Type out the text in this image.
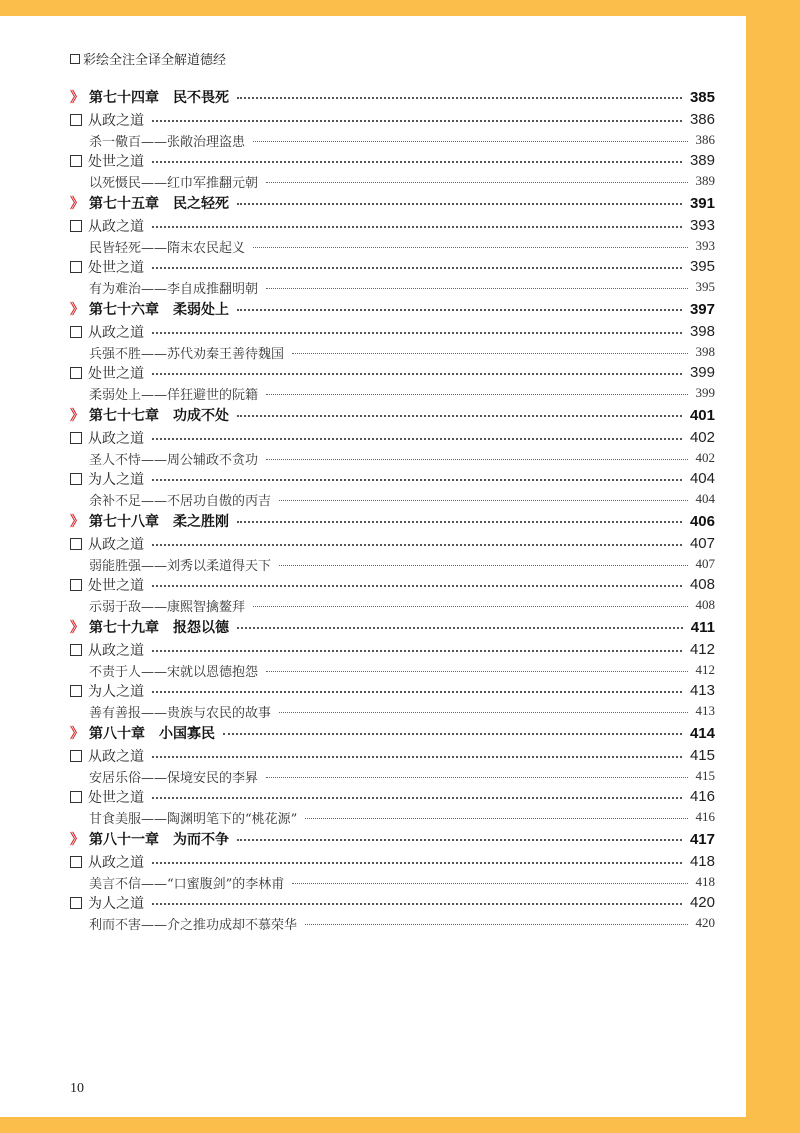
彩绘全注全译全解道德经
》 第七十四章 民不畏死	385
从政之道	386
杀一儆百——张敞治理盗患	386
处世之道	389
以死慑民——红巾军推翻元朝	389
》 第七十五章 民之轻死	391
从政之道	393
民皆轻死——隋末农民起义	393
处世之道	395
有为难治——李自成推翻明朝	395
》 第七十六章 柔弱处上	397
从政之道	398
兵强不胜——苏代劝秦王善待魏国	398
处世之道	399
柔弱处上——佯狂避世的阮籍	399
》 第七十七章 功成不处	401
从政之道	402
圣人不恃——周公辅政不贪功	402
为人之道	404
余补不足——不居功自傲的丙吉	404
》 第七十八章 柔之胜刚	406
从政之道	407
弱能胜强——刘秀以柔道得天下	407
处世之道	408
示弱于敌——康熙智擒鳌拜	408
》 第七十九章 报怨以德	411
从政之道	412
不责于人——宋就以恩德抱怨	412
为人之道	413
善有善报——贵族与农民的故事	413
》 第八十章 小国寡民	414
从政之道	415
安居乐俗——保境安民的李昪	415
处世之道	416
甘食美服——陶渊明笔下的“桃花源”	416
》 第八十一章 为而不争	417
从政之道	418
美言不信——“口蜜腹剑”的李林甫	418
为人之道	420
利而不害——介之推功成却不慕荣华	420
10
